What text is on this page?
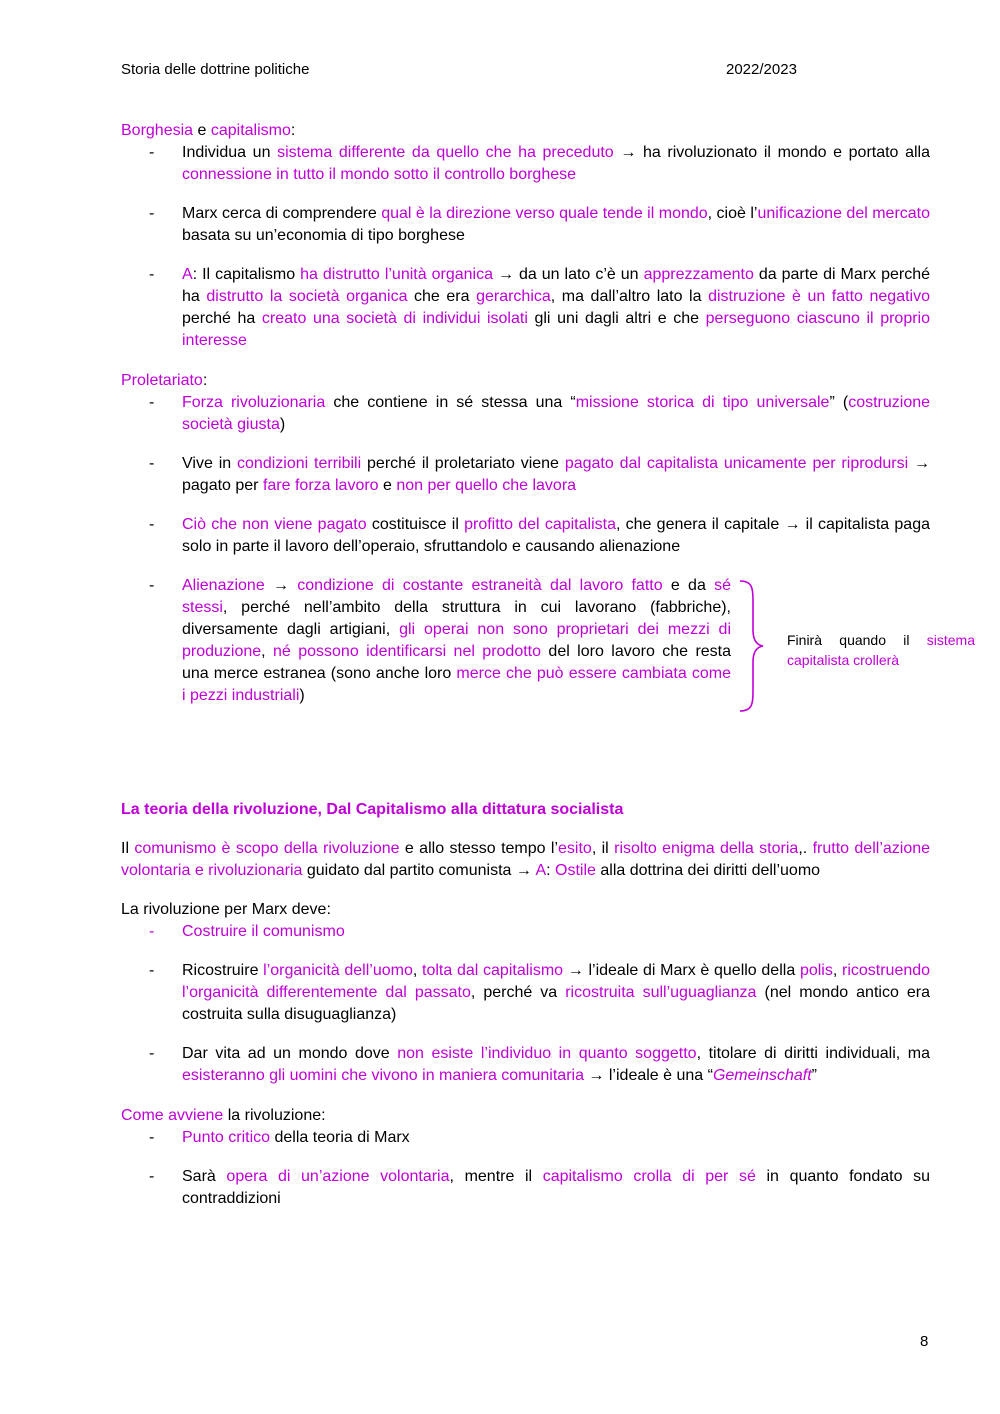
Storia delle dottrine politiche	2022/2023
Borghesia e capitalismo:
-	Individua un sistema differente da quello che ha preceduto → ha rivoluzionato il mondo e portato alla connessione in tutto il mondo sotto il controllo borghese
-	Marx cerca di comprendere qual è la direzione verso quale tende il mondo, cioè l’unificazione del mercato basata su un’economia di tipo borghese
-	A: Il capitalismo ha distrutto l’unità organica → da un lato c’è un apprezzamento da parte di Marx perché ha distrutto la società organica che era gerarchica, ma dall’altro lato la distruzione è un fatto negativo perché ha creato una società di individui isolati gli uni dagli altri e che perseguono ciascuno il proprio interesse
Proletariato:
-	Forza rivoluzionaria che contiene in sé stessa una “missione storica di tipo universale” (costruzione società giusta)
-	Vive in condizioni terribili perché il proletariato viene pagato dal capitalista unicamente per riprodursi → pagato per fare forza lavoro e non per quello che lavora
-	Ciò che non viene pagato costituisce il profitto del capitalista, che genera il capitale → il capitalista paga solo in parte il lavoro dell’operaio, sfruttandolo e causando alienazione
-	Alienazione → condizione di costante estraneità dal lavoro fatto e da sé stessi, perché nell’ambito della struttura in cui lavorano (fabbriche), diversamente dagli artigiani, gli operai non sono proprietari dei mezzi di produzione, né possono identificarsi nel prodotto del loro lavoro che resta una merce estranea (sono anche loro merce che può essere cambiata come i pezzi industriali)
Finirà quando il sistema capitalista crollerà
La teoria della rivoluzione, Dal Capitalismo alla dittatura socialista
Il comunismo è scopo della rivoluzione e allo stesso tempo l’esito, il risolto enigma della storia,. frutto dell’azione volontaria e rivoluzionaria guidato dal partito comunista → A: Ostile alla dottrina dei diritti dell’uomo
La rivoluzione per Marx deve:
-	Costruire il comunismo
-	Ricostruire l’organicità dell’uomo, tolta dal capitalismo → l’ideale di Marx è quello della polis, ricostruendo l’organicità differentemente dal passato, perché va ricostruita sull’uguaglianza (nel mondo antico era costruita sulla disuguaglianza)
-	Dar vita ad un mondo dove non esiste l’individuo in quanto soggetto, titolare di diritti individuali, ma esisteranno gli uomini che vivono in maniera comunitaria → l’ideale è una “Gemeinschaft”
Come avviene la rivoluzione:
-	Punto critico della teoria di Marx
-	Sarà opera di un’azione volontaria, mentre il capitalismo crolla di per sé in quanto fondato su contraddizioni
8
